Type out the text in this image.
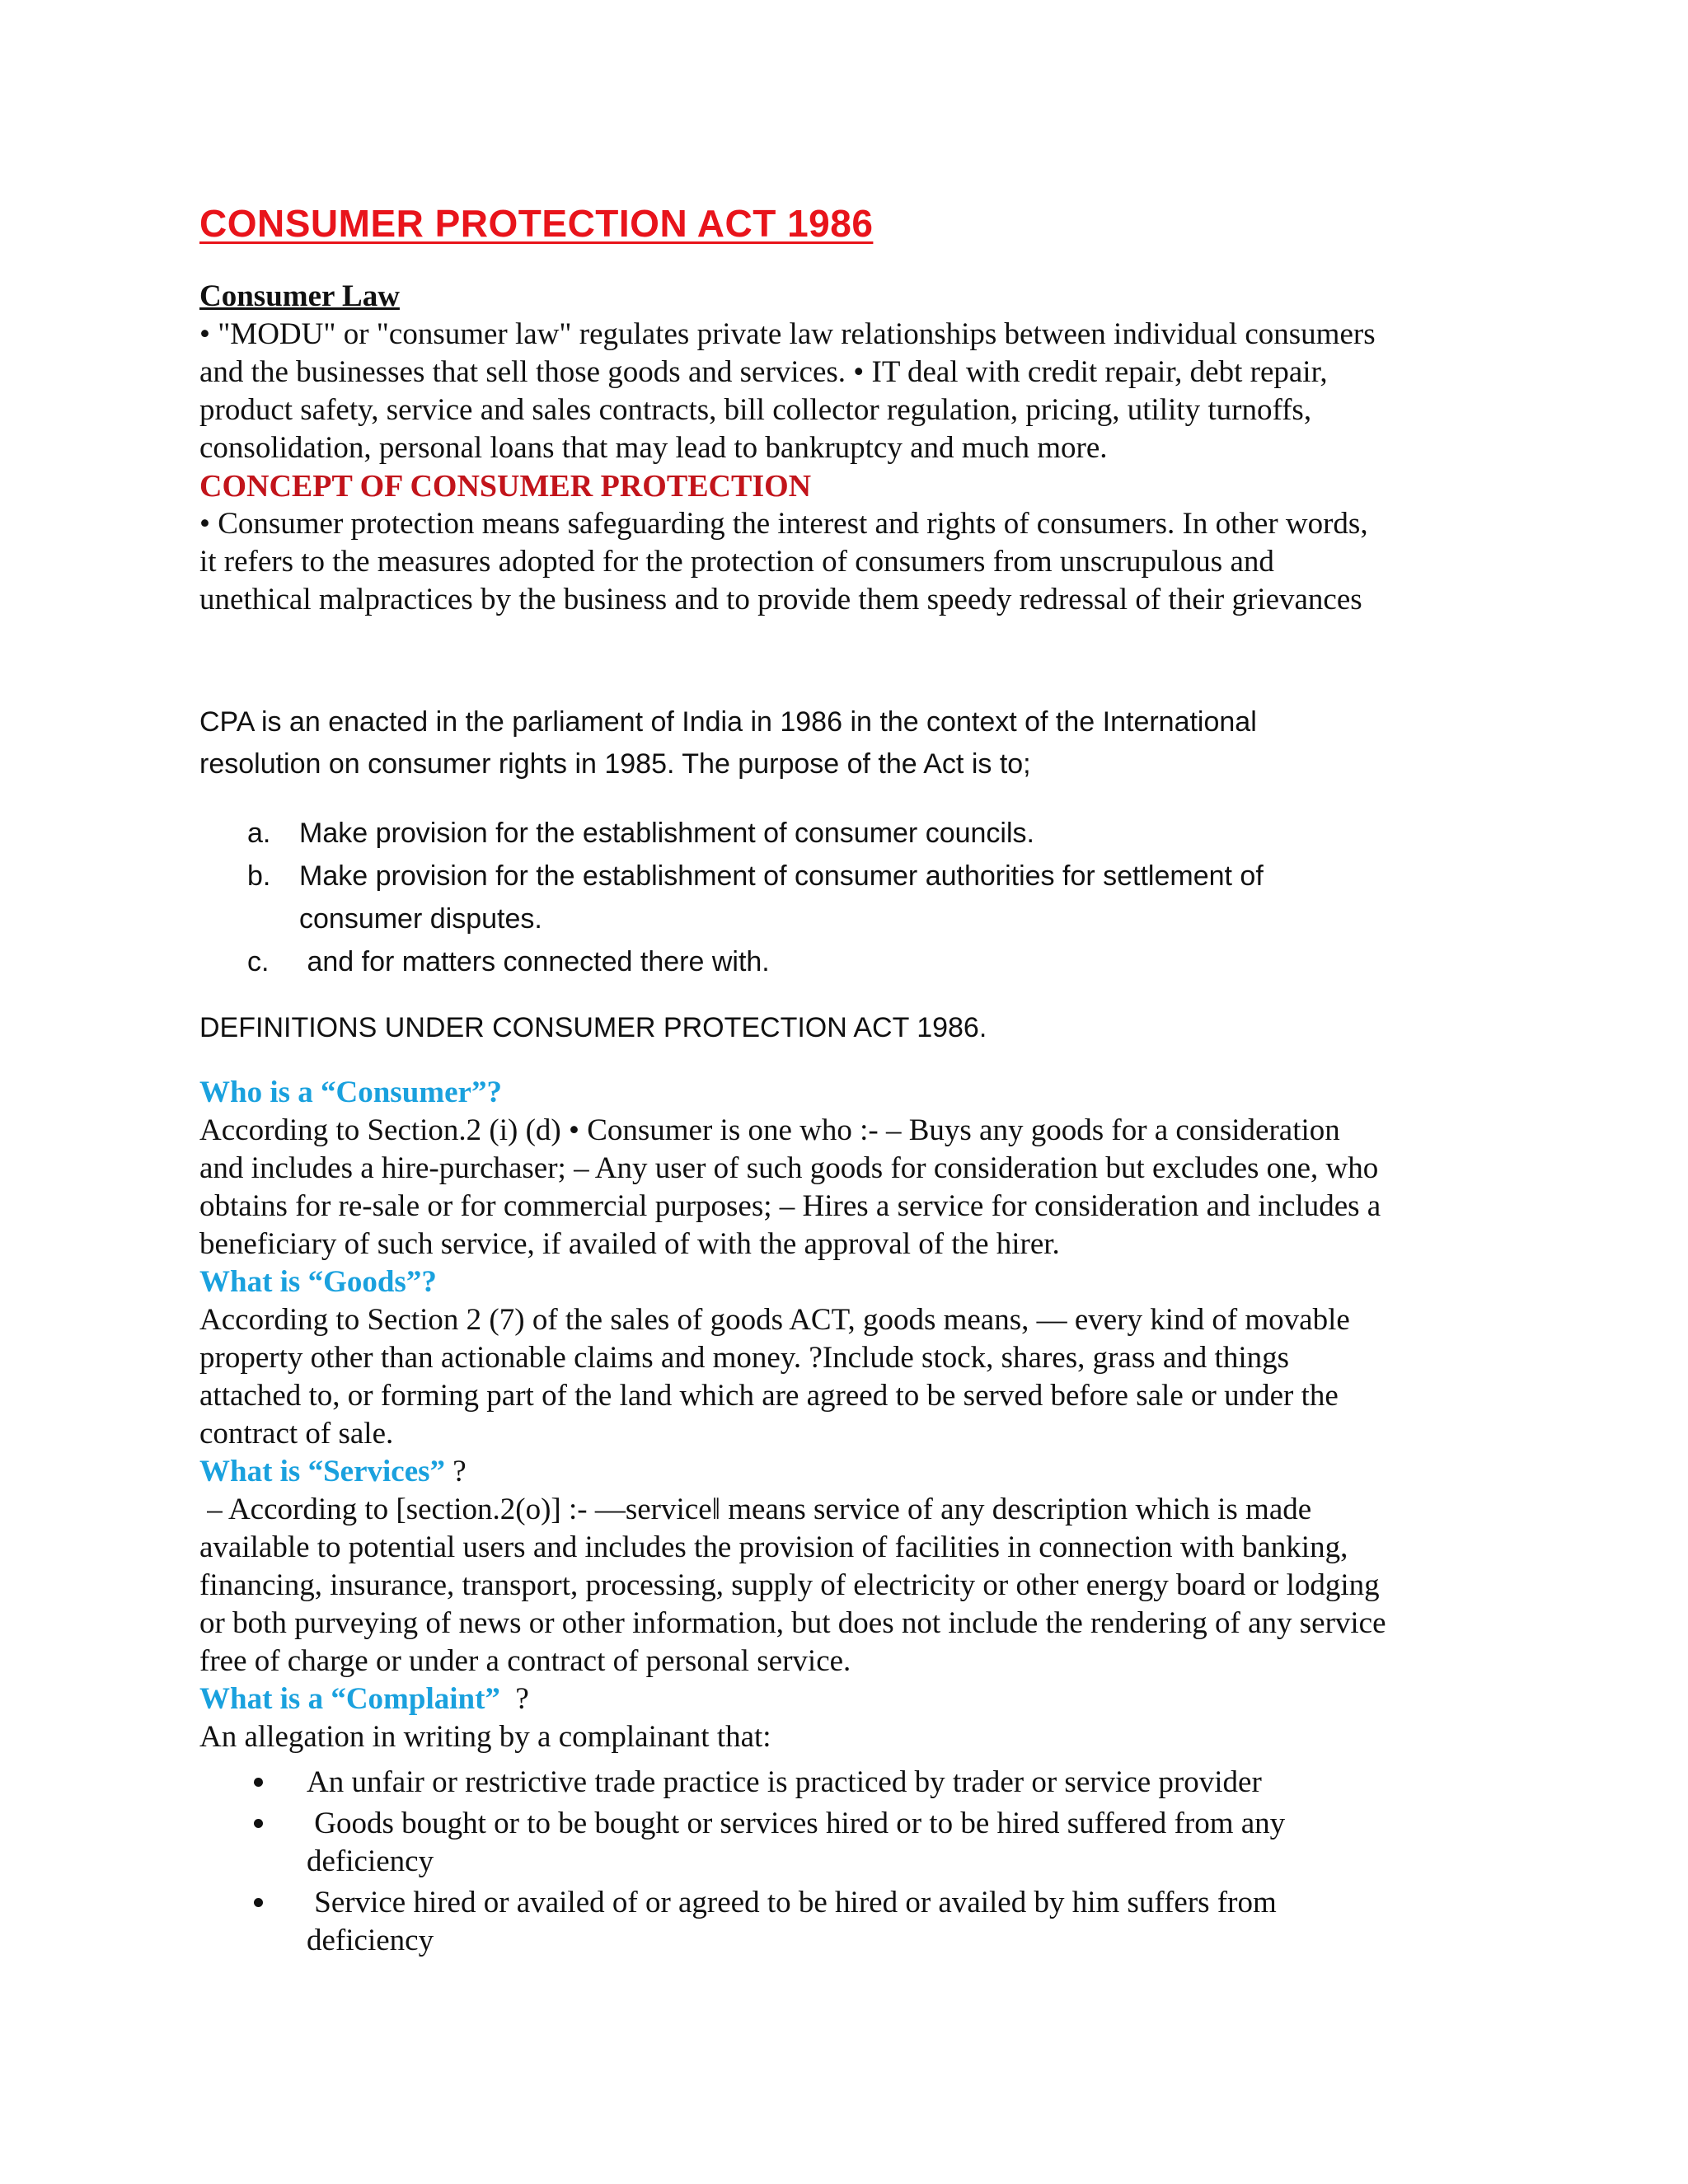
CONSUMER PROTECTION ACT 1986

Consumer Law

• "MODU" or "consumer law" regulates private law relationships between individual consumers

and the businesses that sell those goods and services. • IT deal with credit repair, debt repair,

product safety, service and sales contracts, bill collector regulation, pricing, utility turnoffs,

consolidation, personal loans that may lead to bankruptcy and much more.

CONCEPT OF CONSUMER PROTECTION

• Consumer protection means safeguarding the interest and rights of consumers. In other words,

it refers to the measures adopted for the protection of consumers from unscrupulous and

unethical malpractices by the business and to provide them speedy redressal of their grievances

CPA is an enacted in the parliament of India in 1986 in the context of the International

resolution on consumer rights in 1985. The purpose of the Act is to;

a.	Make provision for the establishment of consumer councils.
b.	Make provision for the establishment of consumer authorities for settlement of
consumer disputes.
c.	and for matters connected there with.

DEFINITIONS UNDER CONSUMER PROTECTION ACT 1986.

Who is a “Consumer”?

According to Section.2 (i) (d) • Consumer is one who :- – Buys any goods for a consideration

and includes a hire-purchaser; – Any user of such goods for consideration but excludes one, who

obtains for re-sale or for commercial purposes; – Hires a service for consideration and includes a

beneficiary of such service, if availed of with the approval of the hirer.

What is “Goods”?

According to Section 2 (7) of the sales of goods ACT, goods means, ― every kind of movable

property other than actionable claims and money. ?Include stock, shares, grass and things

attached to, or forming part of the land which are agreed to be served before sale or under the

contract of sale.

What is “Services” ?

– According to [section.2(o)] :- ―service‖ means service of any description which is made

available to potential users and includes the provision of facilities in connection with banking,

financing, insurance, transport, processing, supply of electricity or other energy board or lodging

or both purveying of news or other information, but does not include the rendering of any service

free of charge or under a contract of personal service.

What is a “Complaint”  ?

An allegation in writing by a complainant that:

An unfair or restrictive trade practice is practiced by trader or service provider
Goods bought or to be bought or services hired or to be hired suffered from any
deficiency
Service hired or availed of or agreed to be hired or availed by him suffers from
deficiency
